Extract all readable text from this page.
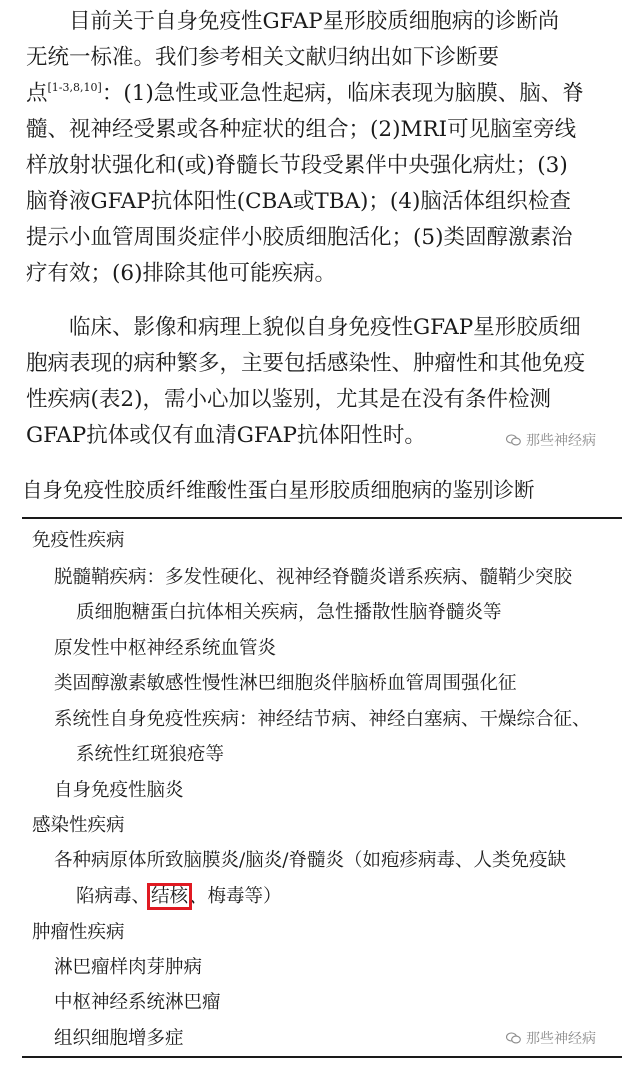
　　目前关于自身免疫性GFAP星形胶质细胞病的诊断尚
无统一标准。我们参考相关文献归纳出如下诊断要
点[1-3,8,10]：(1)急性或亚急性起病，临床表现为脑膜、脑、脊
髓、视神经受累或各种症状的组合；(2)MRI可见脑室旁线
样放射状强化和(或)脊髓长节段受累伴中央强化病灶；(3)
脑脊液GFAP抗体阳性(CBA或TBA)；(4)脑活体组织检查
提示小血管周围炎症伴小胶质细胞活化；(5)类固醇激素治
疗有效；(6)排除其他可能疾病。
　　临床、影像和病理上貌似自身免疫性GFAP星形胶质细
胞病表现的病种繁多，主要包括感染性、肿瘤性和其他免疫
性疾病(表2)，需小心加以鉴别，尤其是在没有条件检测
GFAP抗体或仅有血清GFAP抗体阳性时。	那些神经病
自身免疫性胶质纤维酸性蛋白星形胶质细胞病的鉴别诊断
免疫性疾病
脱髓鞘疾病：多发性硬化、视神经脊髓炎谱系疾病、髓鞘少突胶
质细胞糖蛋白抗体相关疾病，急性播散性脑脊髓炎等
原发性中枢神经系统血管炎
类固醇激素敏感性慢性淋巴细胞炎伴脑桥血管周围强化征
系统性自身免疫性疾病：神经结节病、神经白塞病、干燥综合征、
系统性红斑狼疮等
自身免疫性脑炎
感染性疾病
各种病原体所致脑膜炎/脑炎/脊髓炎（如疱疹病毒、人类免疫缺
陷病毒、结核、梅毒等）
肿瘤性疾病
淋巴瘤样肉芽肿病
中枢神经系统淋巴瘤
组织细胞增多症	那些神经病
